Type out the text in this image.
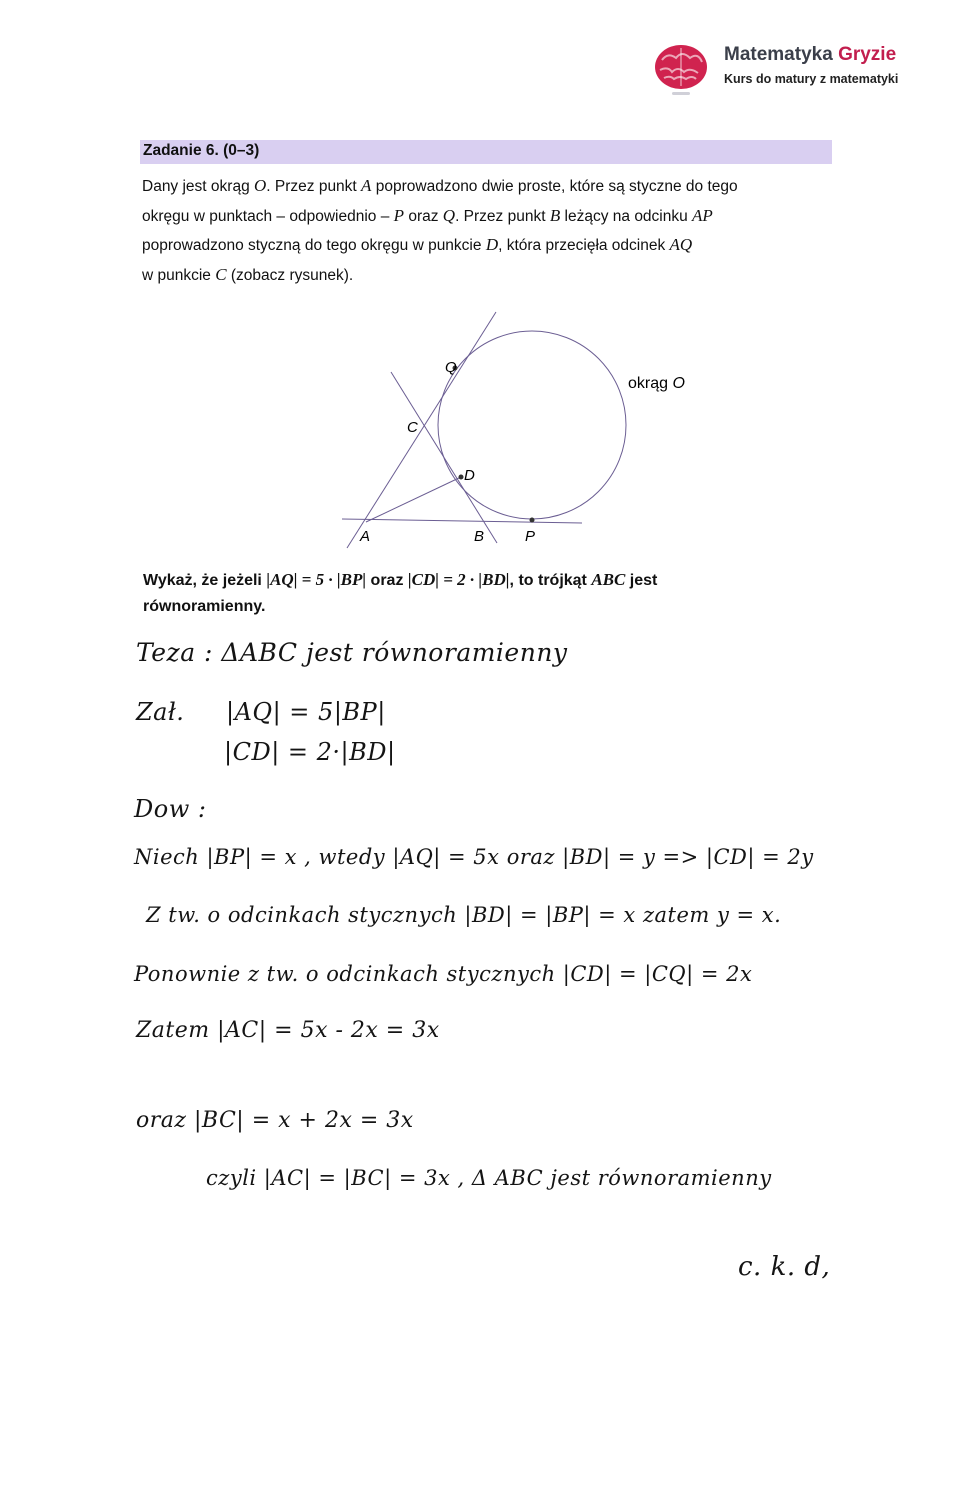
Matematyka Gryzie
Kurs do matury z matematyki
Zadanie 6. (0–3)
Dany jest okrąg O. Przez punkt A poprowadzono dwie proste, które są styczne do tego
okręgu w punktach – odpowiednio – P oraz Q. Przez punkt B leżący na odcinku AP
poprowadzono styczną do tego okręgu w punkcie D, która przecięła odcinek AQ
w punkcie C (zobacz rysunek).
Q
C
D
A	B	P
okrąg O
Wykaż, że jeżeli |AQ| = 5 · |BP| oraz |CD| = 2 · |BD|, to trójkąt ABC jest
równoramienny.
Teza : ΔABC jest równoramienny
Zał. |AQ| = 5|BP|
|CD| = 2·|BD|
Dow :
Niech |BP| = x , wtedy |AQ| = 5x oraz |BD| = y => |CD| = 2y
Z tw. o odcinkach stycznych |BD| = |BP| = x zatem y = x.
Ponownie z tw. o odcinkach stycznych |CD| = |CQ| = 2x
Zatem |AC| = 5x - 2x = 3x
oraz |BC| = x + 2x = 3x
czyli |AC| = |BC| = 3x , Δ ABC jest równoramienny
c. k. d,
